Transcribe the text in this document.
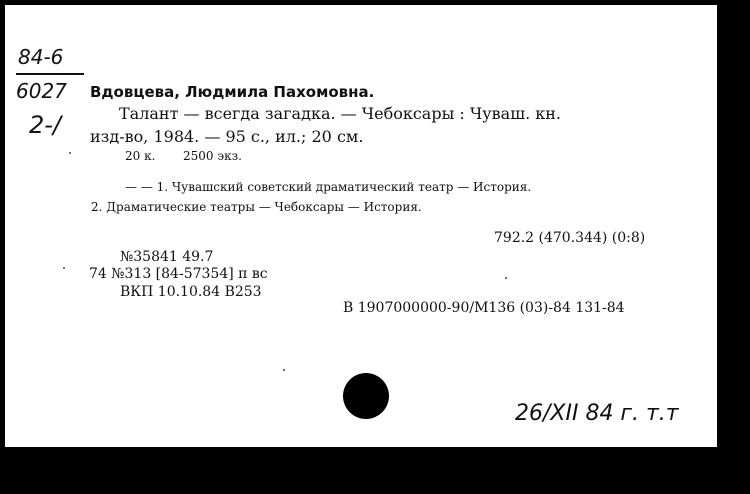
84-6
6027
2-/
Вдовцева, Людмила Пахомовна.
Талант — всегда загадка. — Чебоксары : Чуваш. кн.
изд-во, 1984. — 95 с., ил.; 20 см.
20 к. 2500 экз.
— — 1. Чувашский советский драматический театр — История.
2. Драматические театры — Чебоксары — История.
792.2 (470.344) (0:8)
№35841 49.7
74 №313 [84-57354] п вс
ВКП 10.10.84 В253
В 1907000000-90/М136 (03)-84 131-84
26/XII 84 г. т.т
